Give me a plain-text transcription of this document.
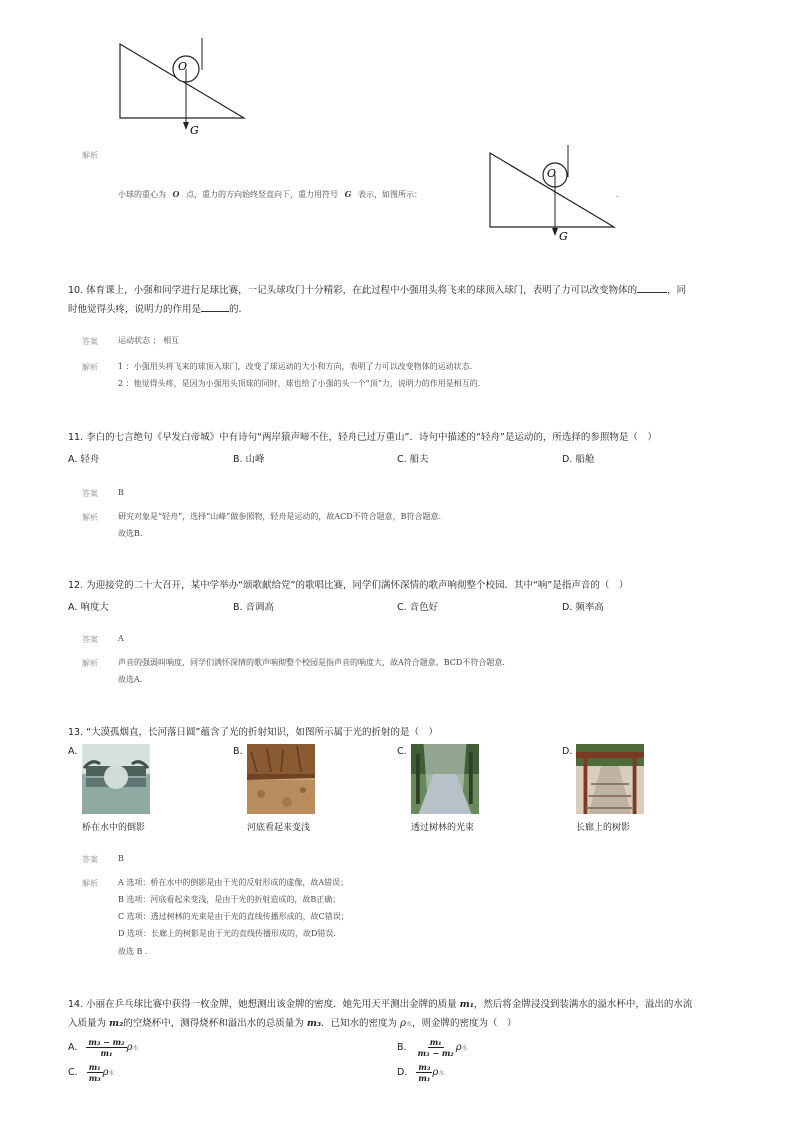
O
G
解析
小球的重心为 O 点，重力的方向始终竖直向下，重力用符号 G 表示，如图所示：
O
G
.
10. 体育课上，小强和同学进行足球比赛，一记头球攻门十分精彩，在此过程中小强用头将飞来的球顶入球门，表明了力可以改变物体的	，同
时他觉得头疼，说明力的作用是	的.
答案	运动状态 ； 相互
解析	1 ：小强用头将飞来的球顶入球门，改变了球运动的大小和方向，表明了力可以改变物体的运动状态.
2 ：他觉得头疼，是因为小强用头顶球的同时，球也给了小强的头一个“顶”力，说明力的作用是相互的.
11. 李白的七言绝句《早发白帝城》中有诗句“两岸猿声啼不住，轻舟已过万重山”．诗句中描述的“轻舟”是运动的，所选择的参照物是（　）
A. 轻舟	B. 山峰	C. 船夫	D. 船舱
答案	B
解析	研究对象是“轻舟”，选择“山峰”做参照物，轻舟是运动的，故ACD不符合题意，B符合题意.
故选B.
12. 为迎接党的二十大召开，某中学举办“颂歌献给党”的歌唱比赛，同学们满怀深情的歌声响彻整个校园．其中“响”是指声音的（　）
A. 响度大	B. 音调高	C. 音色好	D. 频率高
答案	A
解析	声音的强弱叫响度，同学们满怀深情的歌声响彻整个校园是指声音的响度大，故A符合题意，BCD不符合题意.
故选A.
13. “大漠孤烟直，长河落日圆”蕴含了光的折射知识，如图所示属于光的折射的是（　）
A.
桥在水中的倒影
B.
河底看起来变浅
C.
透过树林的光束
D.
长廊上的树影
答案	B
解析	A 选项：桥在水中的倒影是由于光的反射形成的虚像，故A错误；
B 选项：河底看起来变浅，是由于光的折射造成的，故B正确；
C 选项：透过树林的光束是由于光的直线传播形成的，故C错误；
D 选项：长廊上的树影是由于光的直线传播形成的，故D错误．
故选 B .
14. 小丽在乒乓球比赛中获得一枚金牌，她想测出该金牌的密度．她先用天平测出金牌的质量 m₁，然后将金牌浸没到装满水的溢水杯中，溢出的水流
入质量为 m₂的空烧杯中，测得烧杯和溢出水的总质量为 m₃．已知水的密度为 ρ水，则金牌的密度为（　）
A. $\frac{\text{m₃ − m₂}}{\text{m₁}}$ ρ水	B. $\frac{\text{m₁}}{\text{m₃ − m₂}}$ ρ水
C. $\frac{\text{m₁}}{\text{m₃}}$ ρ水	D. $\frac{\text{m₃}}{\text{m₁}}$ ρ水
